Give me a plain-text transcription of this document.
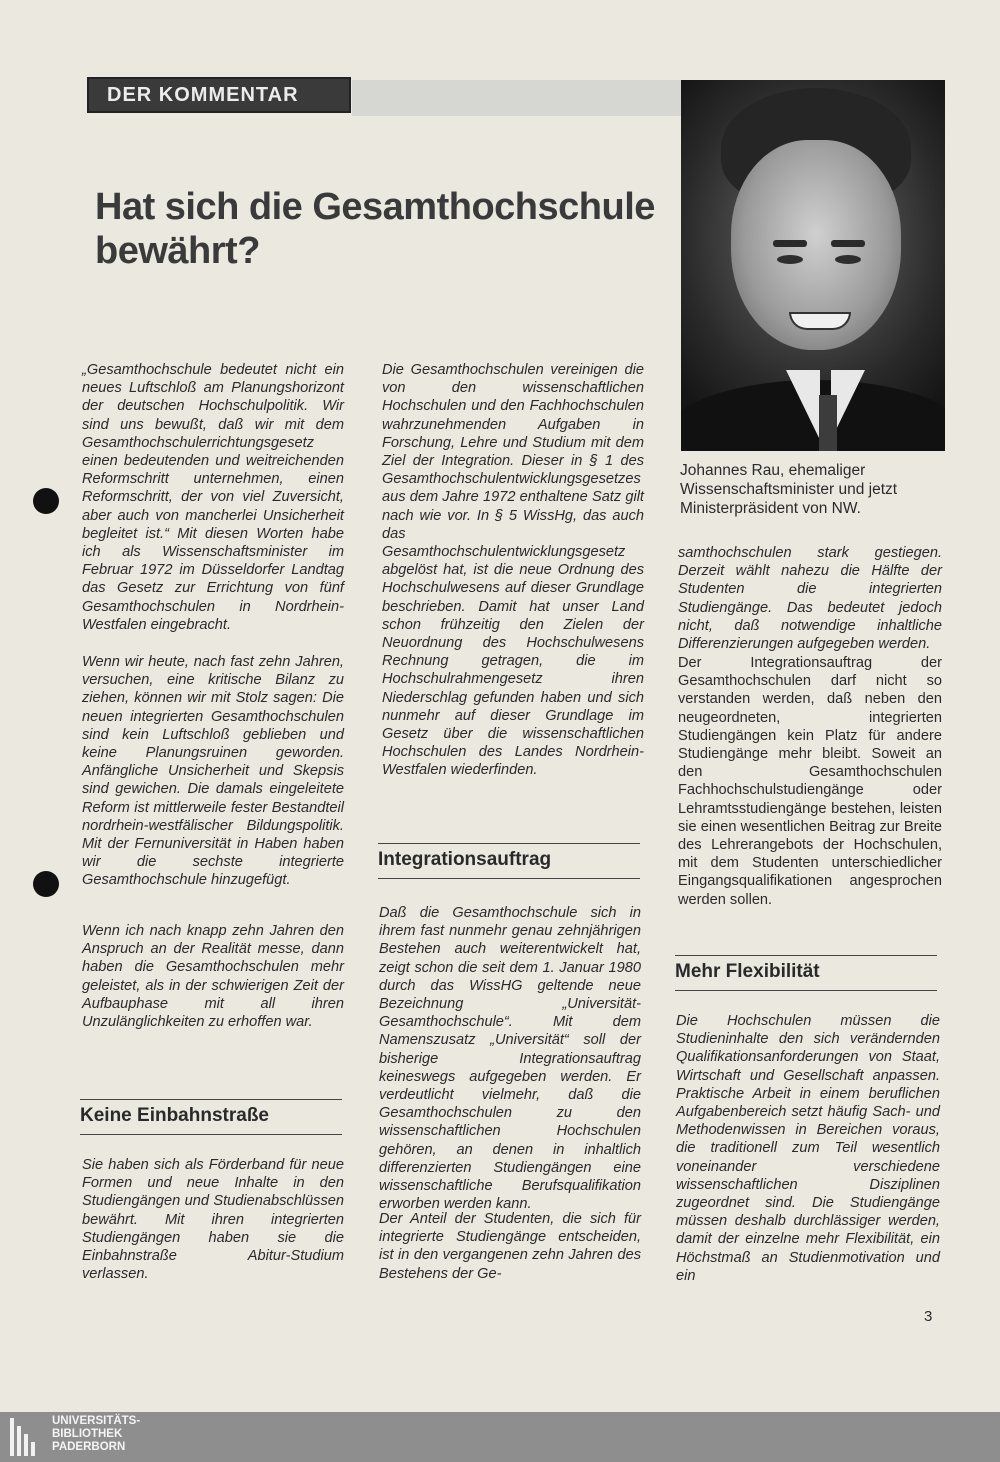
DER KOMMENTAR
Hat sich die Gesamthochschule bewährt?

Johannes Rau, ehemaliger Wissenschaftsminister und jetzt Ministerpräsident von NW.

„Gesamthochschule bedeutet nicht ein neues Luftschloß am Planungshorizont der deutschen Hochschulpolitik. Wir sind uns bewußt, daß wir mit dem Gesamthochschulerrichtungsgesetz einen bedeutenden und weitreichenden Reformschritt unternehmen, einen Reformschritt, der von viel Zuversicht, aber auch von mancherlei Unsicherheit begleitet ist.“ Mit diesen Worten habe ich als Wissenschaftsminister im Februar 1972 im Düsseldorfer Landtag das Gesetz zur Errichtung von fünf Gesamthochschulen in Nordrhein-Westfalen eingebracht.

Wenn wir heute, nach fast zehn Jahren, versuchen, eine kritische Bilanz zu ziehen, können wir mit Stolz sagen: Die neuen integrierten Gesamthochschulen sind kein Luftschloß geblieben und keine Planungsruinen geworden. Anfängliche Unsicherheit und Skepsis sind gewichen. Die damals eingeleitete Reform ist mittlerweile fester Bestandteil nordrhein-westfälischer Bildungspolitik. Mit der Fernuniversität in Haben haben wir die sechste integrierte Gesamthochschule hinzugefügt.

Wenn ich nach knapp zehn Jahren den Anspruch an der Realität messe, dann haben die Gesamthochschulen mehr geleistet, als in der schwierigen Zeit der Aufbauphase mit all ihren Unzulänglichkeiten zu erhoffen war.

Keine Einbahnstraße

Sie haben sich als Förderband für neue Formen und neue Inhalte in den Studiengängen und Studienabschlüssen bewährt. Mit ihren integrierten Studiengängen haben sie die Einbahnstraße Abitur-Studium verlassen.

Die Gesamthochschulen vereinigen die von den wissenschaftlichen Hochschulen und den Fachhochschulen wahrzunehmenden Aufgaben in Forschung, Lehre und Studium mit dem Ziel der Integration. Dieser in § 1 des Gesamthochschulentwicklungsgesetzes aus dem Jahre 1972 enthaltene Satz gilt nach wie vor. In § 5 WissHg, das auch das Gesamthochschulentwicklungsgesetz abgelöst hat, ist die neue Ordnung des Hochschulwesens auf dieser Grundlage beschrieben. Damit hat unser Land schon frühzeitig den Zielen der Neuordnung des Hochschulwesens Rechnung getragen, die im Hochschulrahmengesetz ihren Niederschlag gefunden haben und sich nunmehr auf dieser Grundlage im Gesetz über die wissenschaftlichen Hochschulen des Landes Nordrhein-Westfalen wiederfinden.

Integrationsauftrag

Daß die Gesamthochschule sich in ihrem fast nunmehr genau zehnjährigen Bestehen auch weiterentwickelt hat, zeigt schon die seit dem 1. Januar 1980 durch das WissHG geltende neue Bezeichnung „Universität-Gesamthochschule“. Mit dem Namenszusatz „Universität“ soll der bisherige Integrationsauftrag keineswegs aufgegeben werden. Er verdeutlicht vielmehr, daß die Gesamthochschulen zu den wissenschaftlichen Hochschulen gehören, an denen in inhaltlich differenzierten Studiengängen eine wissenschaftliche Berufsqualifikation erworben werden kann.

Der Anteil der Studenten, die sich für integrierte Studiengänge entscheiden, ist in den vergangenen zehn Jahren des Bestehens der Ge-

samthochschulen stark gestiegen. Derzeit wählt nahezu die Hälfte der Studenten die integrierten Studiengänge. Das bedeutet jedoch nicht, daß notwendige inhaltliche Differenzierungen aufgegeben werden.

Der Integrationsauftrag der Gesamthochschulen darf nicht so verstanden werden, daß neben den neugeordneten, integrierten Studiengängen kein Platz für andere Studiengänge mehr bleibt. Soweit an den Gesamthochschulen Fachhochschulstudiengänge oder Lehramtsstudiengänge bestehen, leisten sie einen wesentlichen Beitrag zur Breite des Lehrerangebots der Hochschulen, mit dem Studenten unterschiedlicher Eingangsqualifikationen angesprochen werden sollen.

Mehr Flexibilität

Die Hochschulen müssen die Studieninhalte den sich verändernden Qualifikationsanforderungen von Staat, Wirtschaft und Gesellschaft anpassen. Praktische Arbeit in einem beruflichen Aufgabenbereich setzt häufig Sach- und Methodenwissen in Bereichen voraus, die traditionell zum Teil wesentlich voneinander verschiedene wissenschaftlichen Disziplinen zugeordnet sind. Die Studiengänge müssen deshalb durchlässiger werden, damit der einzelne mehr Flexibilität, ein Höchstmaß an Studienmotivation und ein

3

UNIVERSITÄTS-
BIBLIOTHEK
PADERBORN
